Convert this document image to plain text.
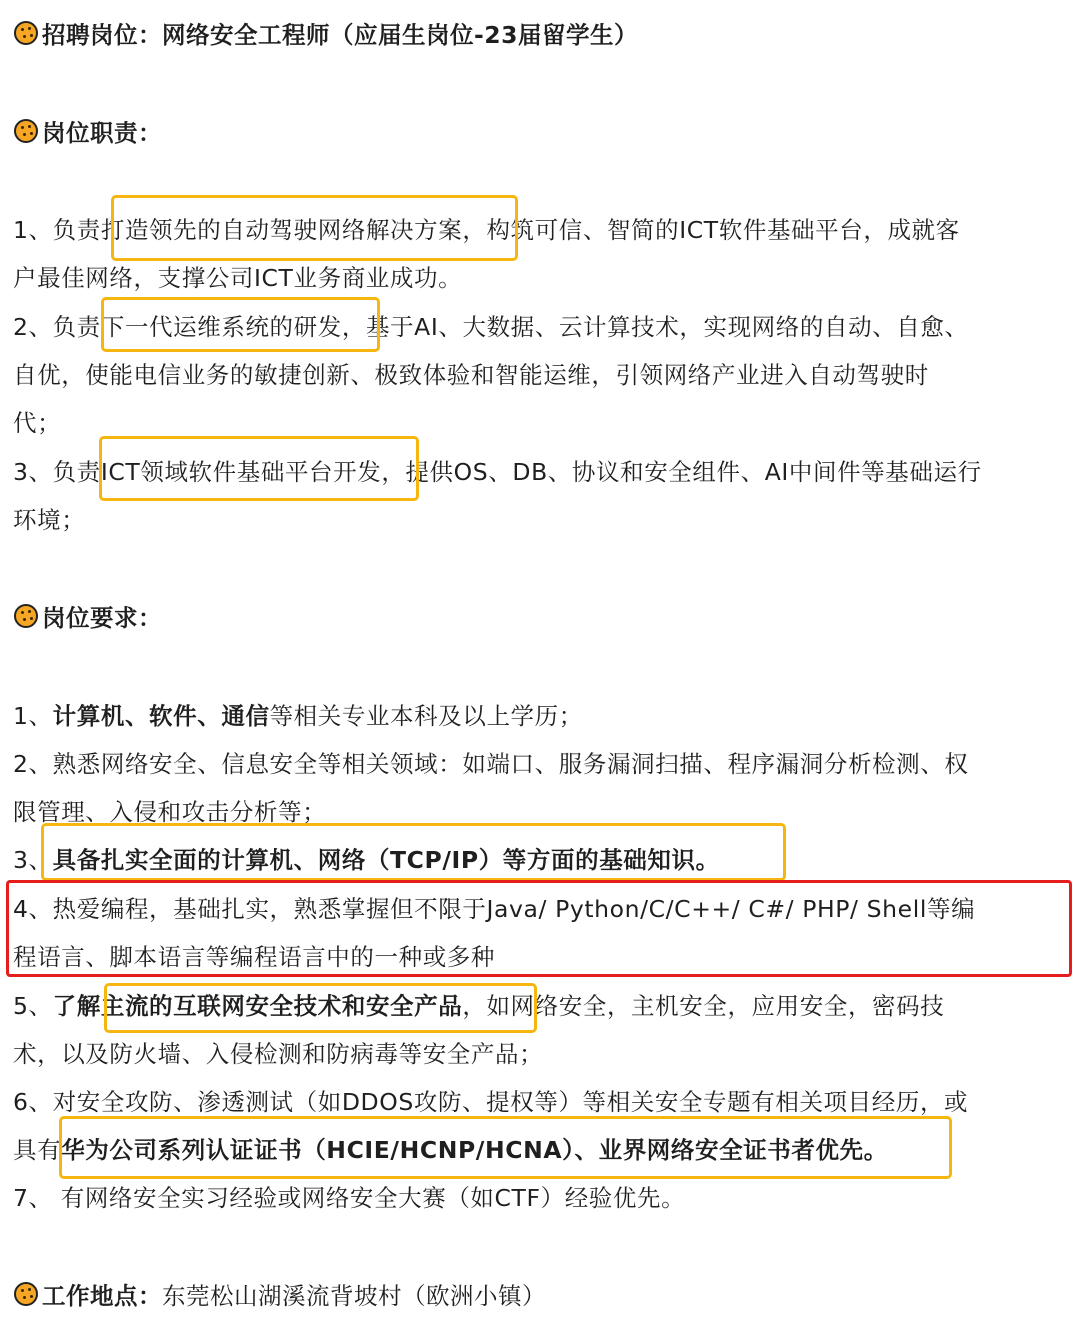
招聘岗位： 网络安全工程师（应届生岗位-23届留学生）
岗位职责：
1、负责 打造领先的自动驾驶网络解决方案 ，构筑可信、智简的ICT软件基础平台，成就客
户最佳网络，支撑公司ICT业务商业成功。
2、负责 下一代运维系统的研发 ，基于AI、大数据、云计算技术，实现网络的自动、自愈、
自优，使能电信业务的敏捷创新、极致体验和智能运维，引领网络产业进入自动驾驶时
代；
3、负责 ICT领域软件基础平台开发 ，提供OS、DB、协议和安全组件、AI中间件等基础运行
环境；
岗位要求：
1、 计算机、软件、通信 等相关专业本科及以上学历；
2、熟悉网络安全、信息安全等相关领域：如端口、服务漏洞扫描、程序漏洞分析检测、权
限管理、入侵和攻击分析等；
3、 具备扎实全面的计算机、网络（TCP/IP）等方面的基础知识。
4、热爱编程，基础扎实，熟悉掌握但不限于Java/ Python/C/C++/ C#/ PHP/ Shell等编
程语言、脚本语言等编程语言中的一种或多种
5、 了解主流的互联网安全技术和安全产品 ，如网络安全，主机安全，应用安全，密码技
术，以及防火墙、入侵检测和防病毒等安全产品；
6、对安全攻防、渗透测试（如DDOS攻防、提权等）等相关安全专题有相关项目经历，或
具有 华为公司系列认证证书（HCIE/HCNP/HCNA）、业界网络安全证书者优先。
7、 有网络安全实习经验或网络安全大赛（如CTF）经验优先。
工作地点： 东莞松山湖溪流背坡村（欧洲小镇）
